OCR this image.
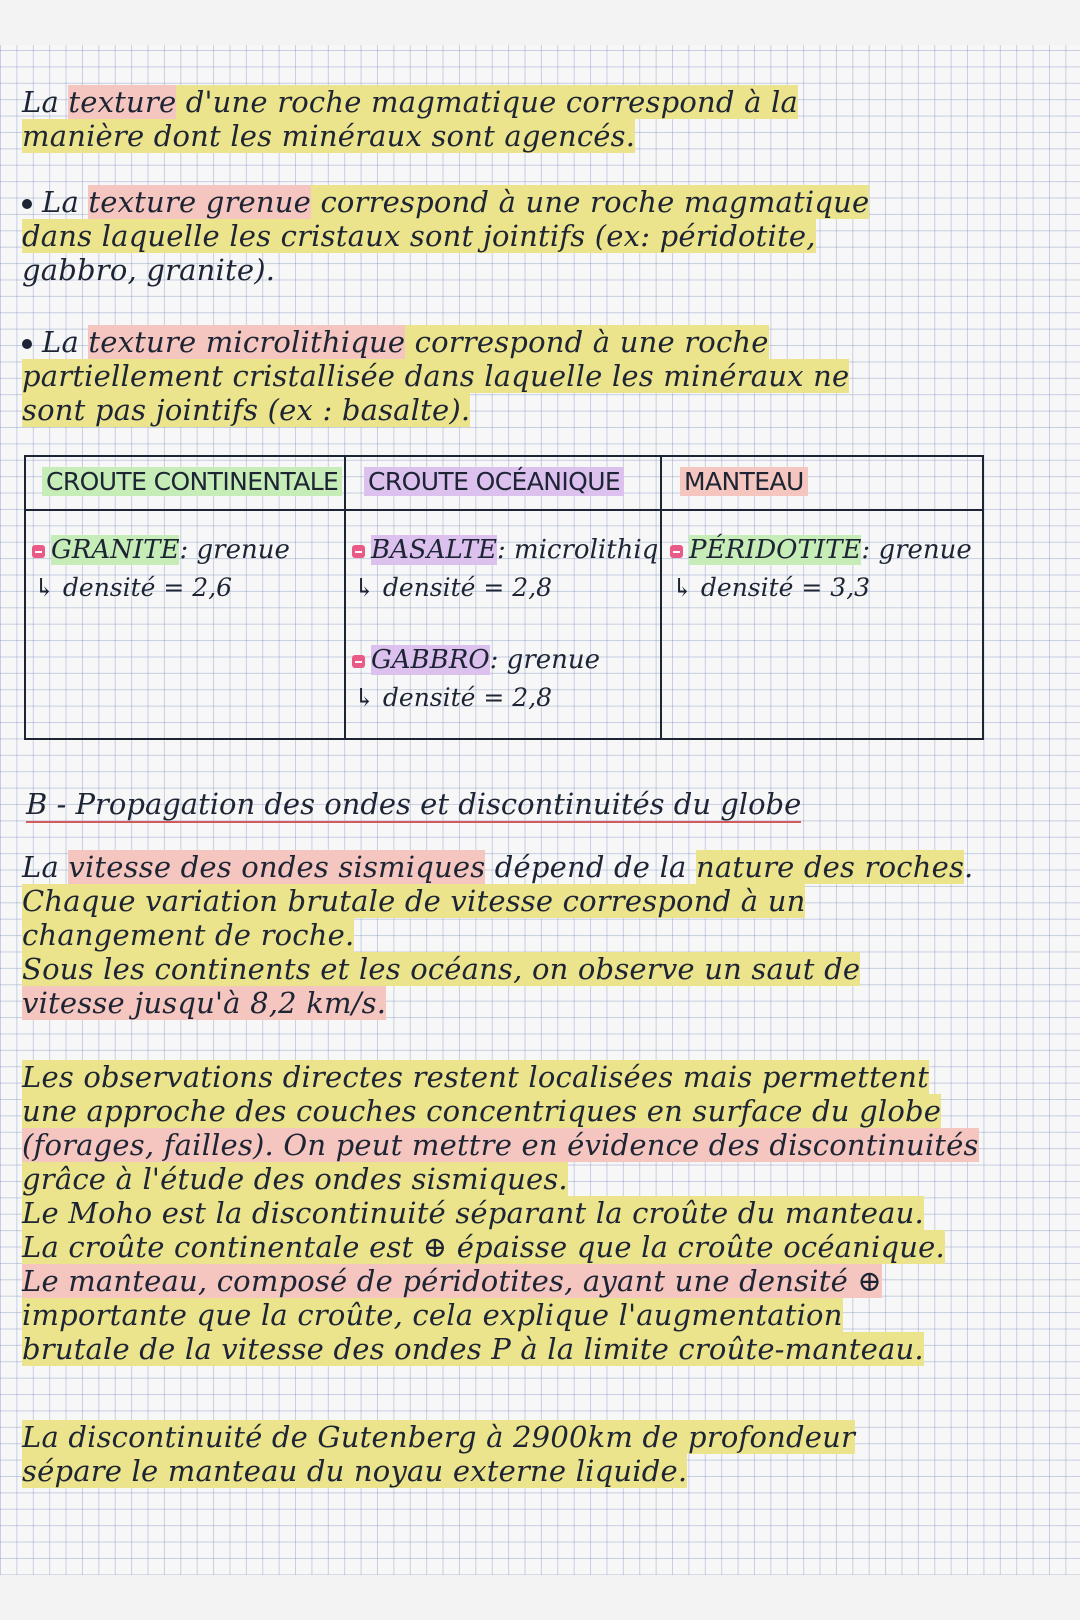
La texture d'une roche magmatique correspond à la
manière dont les minéraux sont agencés.
La texture grenue correspond à une roche magmatique
dans laquelle les cristaux sont jointifs (ex: péridotite,
gabbro, granite).
La texture microlithique correspond à une roche
partiellement cristallisée dans laquelle les minéraux ne
sont pas jointifs (ex : basalte).
CROUTE CONTINENTALE CROUTE OCÉANIQUE	MANTEAU
GRANITE: grenue
↳ densité = 2,6
BASALTE: microlithiq
↳ densité = 2,8
GABBRO: grenue
↳ densité = 2,8
PÉRIDOTITE: grenue
↳ densité = 3,3
B - Propagation des ondes et discontinuités du globe
La vitesse des ondes sismiques dépend de la nature des roches.
Chaque variation brutale de vitesse correspond à un
changement de roche.
Sous les continents et les océans, on observe un saut de
vitesse jusqu'à 8,2 km/s.
Les observations directes restent localisées mais permettent
une approche des couches concentriques en surface du globe
(forages, failles). On peut mettre en évidence des discontinuités
grâce à l'étude des ondes sismiques.
Le Moho est la discontinuité séparant la croûte du manteau.
La croûte continentale est ⊕ épaisse que la croûte océanique.
Le manteau, composé de péridotites, ayant une densité ⊕
importante que la croûte, cela explique l'augmentation
brutale de la vitesse des ondes P à la limite croûte-manteau.
La discontinuité de Gutenberg à 2900km de profondeur
sépare le manteau du noyau externe liquide.
